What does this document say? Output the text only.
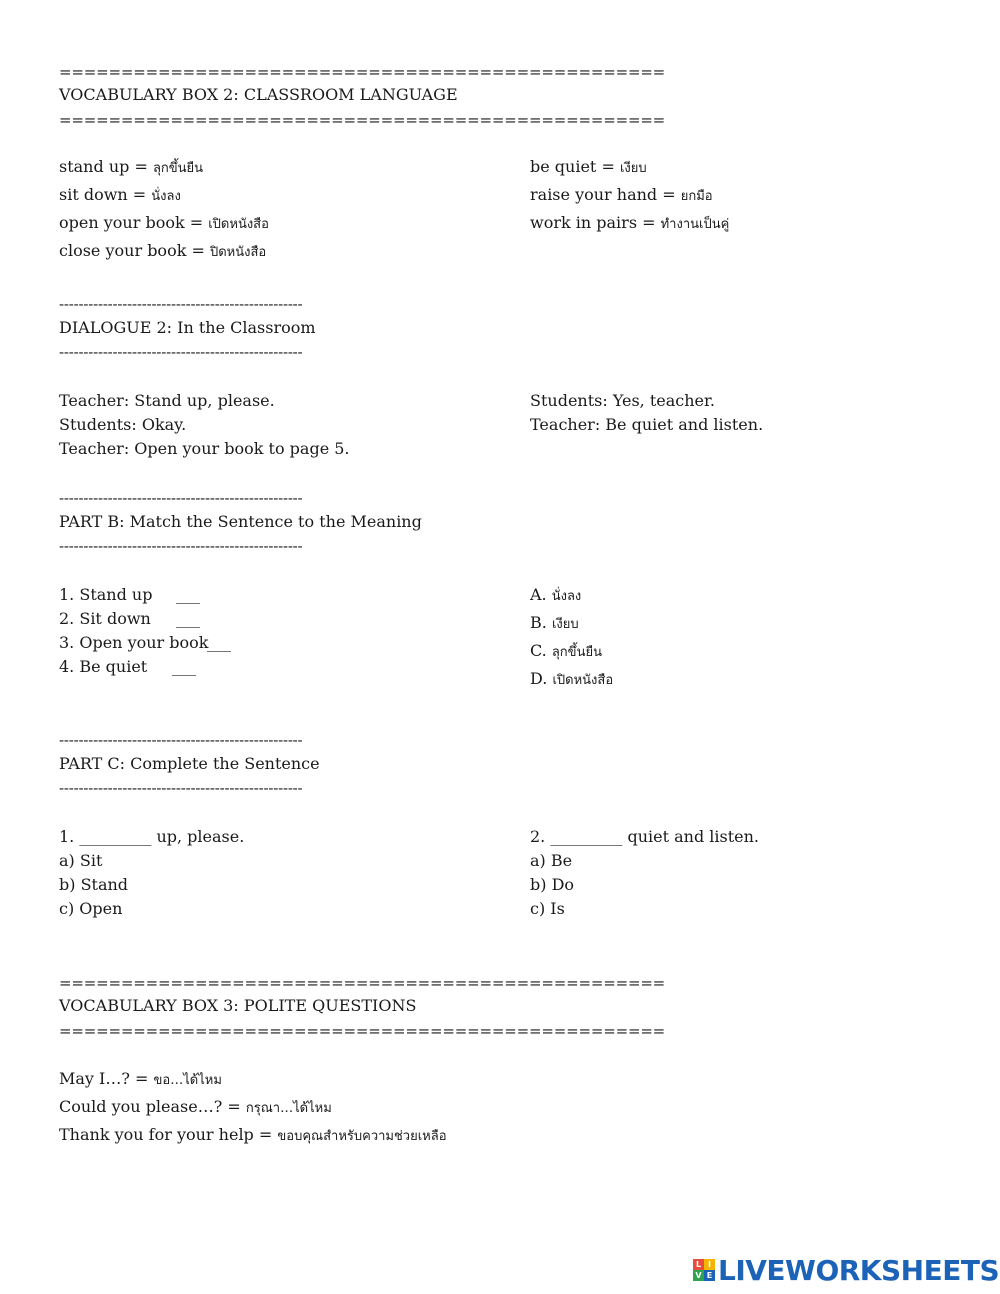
=================================================
VOCABULARY BOX 2: CLASSROOM LANGUAGE
=================================================
stand up = ลุกขึ้นยืน
sit down = นั่งลง
open your book = เปิดหนังสือ
close your book = ปิดหนังสือ
be quiet = เงียบ
raise your hand = ยกมือ
work in pairs = ทำงานเป็นคู่
--------------------------------------------------
DIALOGUE 2: In the Classroom
--------------------------------------------------
Teacher: Stand up, please.
Students: Okay.
Teacher: Open your book to page 5.
Students: Yes, teacher.
Teacher: Be quiet and listen.
--------------------------------------------------
PART B: Match the Sentence to the Meaning
--------------------------------------------------
1. Stand up ___
2. Sit down ___
3. Open your book
___
4. Be quiet ___
A. นั่งลง
B. เงียบ
C. ลุกขึ้นยืน
D. เปิดหนังสือ
--------------------------------------------------
PART C: Complete the Sentence
--------------------------------------------------
1. _________ up, please.
a) Sit
b) Stand
c) Open
2. _________ quiet and listen.
a) Be
b) Do
c) Is
=================================================
VOCABULARY BOX 3: POLITE QUESTIONS
=================================================
May I…? = ขอ…ได้ไหม
Could you please…? = กรุณา…ได้ไหม
Thank you for your help = ขอบคุณสำหรับความช่วยเหลือ
L I
V E LIVEWORKSHEETS
